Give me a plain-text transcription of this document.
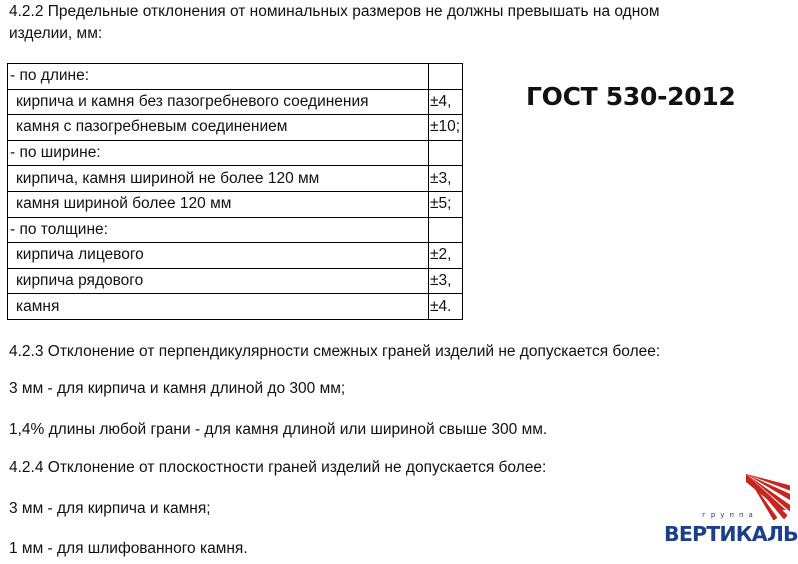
4.2.2 Предельные отклонения от номинальных размеров не должны превышать на одном
изделии, мм:
- по длине:	
кирпича и камня без пазогребневого соединения	±4,
камня с пазогребневым соединением	±10;
- по ширине:	
кирпича, камня шириной не более 120 мм	±3,
камня шириной более 120 мм	±5;
- по толщине:	
кирпича лицевого	±2,
кирпича рядового	±3,
камня	±4.
ГОСТ 530-2012
4.2.3 Отклонение от перпендикулярности смежных граней изделий не допускается более:
3 мм - для кирпича и камня длиной до 300 мм;
1,4% длины любой грани - для камня длиной или шириной свыше 300 мм.
4.2.4 Отклонение от плоскостности граней изделий не допускается более:
3 мм - для кирпича и камня;
1 мм - для шлифованного камня.
группа
ВЕРТИКАЛЬ
